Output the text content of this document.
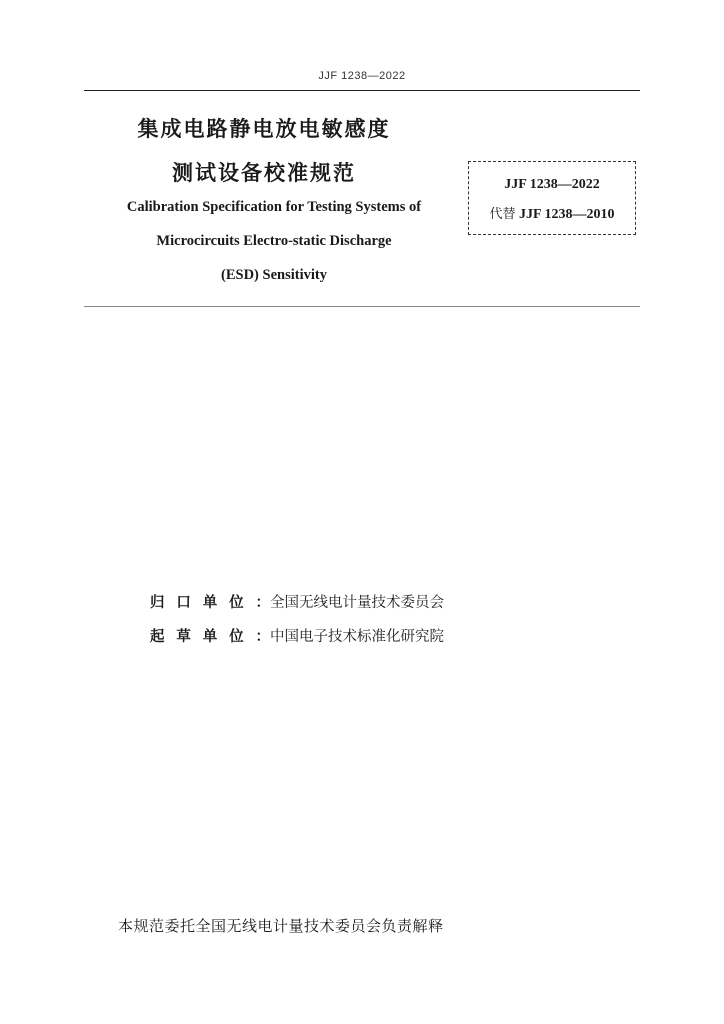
JJF 1238—2022
集成电路静电放电敏感度
测试设备校准规范
Calibration Specification for Testing Systems of
Microcircuits Electro-static Discharge
(ESD) Sensitivity
JJF 1238—2022
代替 JJF 1238—2010
归口单位：全国无线电计量技术委员会
起草单位：中国电子技术标准化研究院
本规范委托全国无线电计量技术委员会负责解释
